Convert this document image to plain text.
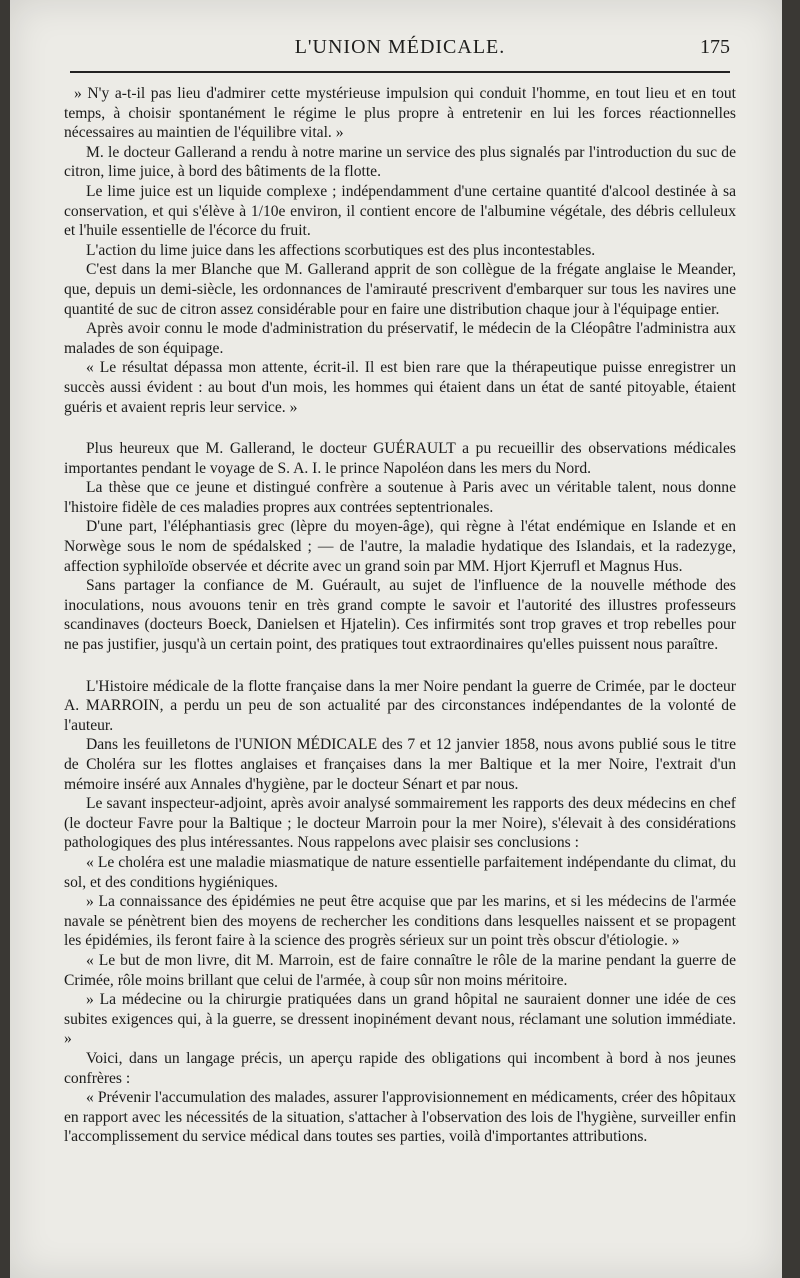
L'UNION MÉDICALE.	175

» N'y a-t-il pas lieu d'admirer cette mystérieuse impulsion qui conduit l'homme, en tout lieu et en tout temps, à choisir spontanément le régime le plus propre à entretenir en lui les forces réactionnelles nécessaires au maintien de l'équilibre vital. »

M. le docteur Gallerand a rendu à notre marine un service des plus signalés par l'introduction du suc de citron, lime juice, à bord des bâtiments de la flotte.

Le lime juice est un liquide complexe ; indépendamment d'une certaine quantité d'alcool destinée à sa conservation, et qui s'élève à 1/10e environ, il contient encore de l'albumine végétale, des débris celluleux et l'huile essentielle de l'écorce du fruit.

L'action du lime juice dans les affections scorbutiques est des plus incontestables.

C'est dans la mer Blanche que M. Gallerand apprit de son collègue de la frégate anglaise le Meander, que, depuis un demi-siècle, les ordonnances de l'amirauté prescrivent d'embarquer sur tous les navires une quantité de suc de citron assez considérable pour en faire une distribution chaque jour à l'équipage entier.

Après avoir connu le mode d'administration du préservatif, le médecin de la Cléopâtre l'administra aux malades de son équipage.

« Le résultat dépassa mon attente, écrit-il. Il est bien rare que la thérapeutique puisse enregistrer un succès aussi évident : au bout d'un mois, les hommes qui étaient dans un état de santé pitoyable, étaient guéris et avaient repris leur service. »

Plus heureux que M. Gallerand, le docteur GUÉRAULT a pu recueillir des observations médicales importantes pendant le voyage de S. A. I. le prince Napoléon dans les mers du Nord.

La thèse que ce jeune et distingué confrère a soutenue à Paris avec un véritable talent, nous donne l'histoire fidèle de ces maladies propres aux contrées septentrionales.

D'une part, l'éléphantiasis grec (lèpre du moyen-âge), qui règne à l'état endémique en Islande et en Norwège sous le nom de spédalsked ; — de l'autre, la maladie hydatique des Islandais, et la radezyge, affection syphiloïde observée et décrite avec un grand soin par MM. Hjort Kjerrufl et Magnus Hus.

Sans partager la confiance de M. Guérault, au sujet de l'influence de la nouvelle méthode des inoculations, nous avouons tenir en très grand compte le savoir et l'autorité des illustres professeurs scandinaves (docteurs Boeck, Danielsen et Hjatelin). Ces infirmités sont trop graves et trop rebelles pour ne pas justifier, jusqu'à un certain point, des pratiques tout extraordinaires qu'elles puissent nous paraître.

L'Histoire médicale de la flotte française dans la mer Noire pendant la guerre de Crimée, par le docteur A. MARROIN, a perdu un peu de son actualité par des circonstances indépendantes de la volonté de l'auteur.

Dans les feuilletons de l'UNION MÉDICALE des 7 et 12 janvier 1858, nous avons publié sous le titre de Choléra sur les flottes anglaises et françaises dans la mer Baltique et la mer Noire, l'extrait d'un mémoire inséré aux Annales d'hygiène, par le docteur Sénart et par nous.

Le savant inspecteur-adjoint, après avoir analysé sommairement les rapports des deux médecins en chef (le docteur Favre pour la Baltique ; le docteur Marroin pour la mer Noire), s'élevait à des considérations pathologiques des plus intéressantes. Nous rappelons avec plaisir ses conclusions :

« Le choléra est une maladie miasmatique de nature essentielle parfaitement indépendante du climat, du sol, et des conditions hygiéniques.

» La connaissance des épidémies ne peut être acquise que par les marins, et si les médecins de l'armée navale se pénètrent bien des moyens de rechercher les conditions dans lesquelles naissent et se propagent les épidémies, ils feront faire à la science des progrès sérieux sur un point très obscur d'étiologie. »

« Le but de mon livre, dit M. Marroin, est de faire connaître le rôle de la marine pendant la guerre de Crimée, rôle moins brillant que celui de l'armée, à coup sûr non moins méritoire.

» La médecine ou la chirurgie pratiquées dans un grand hôpital ne sauraient donner une idée de ces subites exigences qui, à la guerre, se dressent inopinément devant nous, réclamant une solution immédiate. »

Voici, dans un langage précis, un aperçu rapide des obligations qui incombent à bord à nos jeunes confrères :

« Prévenir l'accumulation des malades, assurer l'approvisionnement en médicaments, créer des hôpitaux en rapport avec les nécessités de la situation, s'attacher à l'observation des lois de l'hygiène, surveiller enfin l'accomplissement du service médical dans toutes ses parties, voilà d'importantes attributions.
